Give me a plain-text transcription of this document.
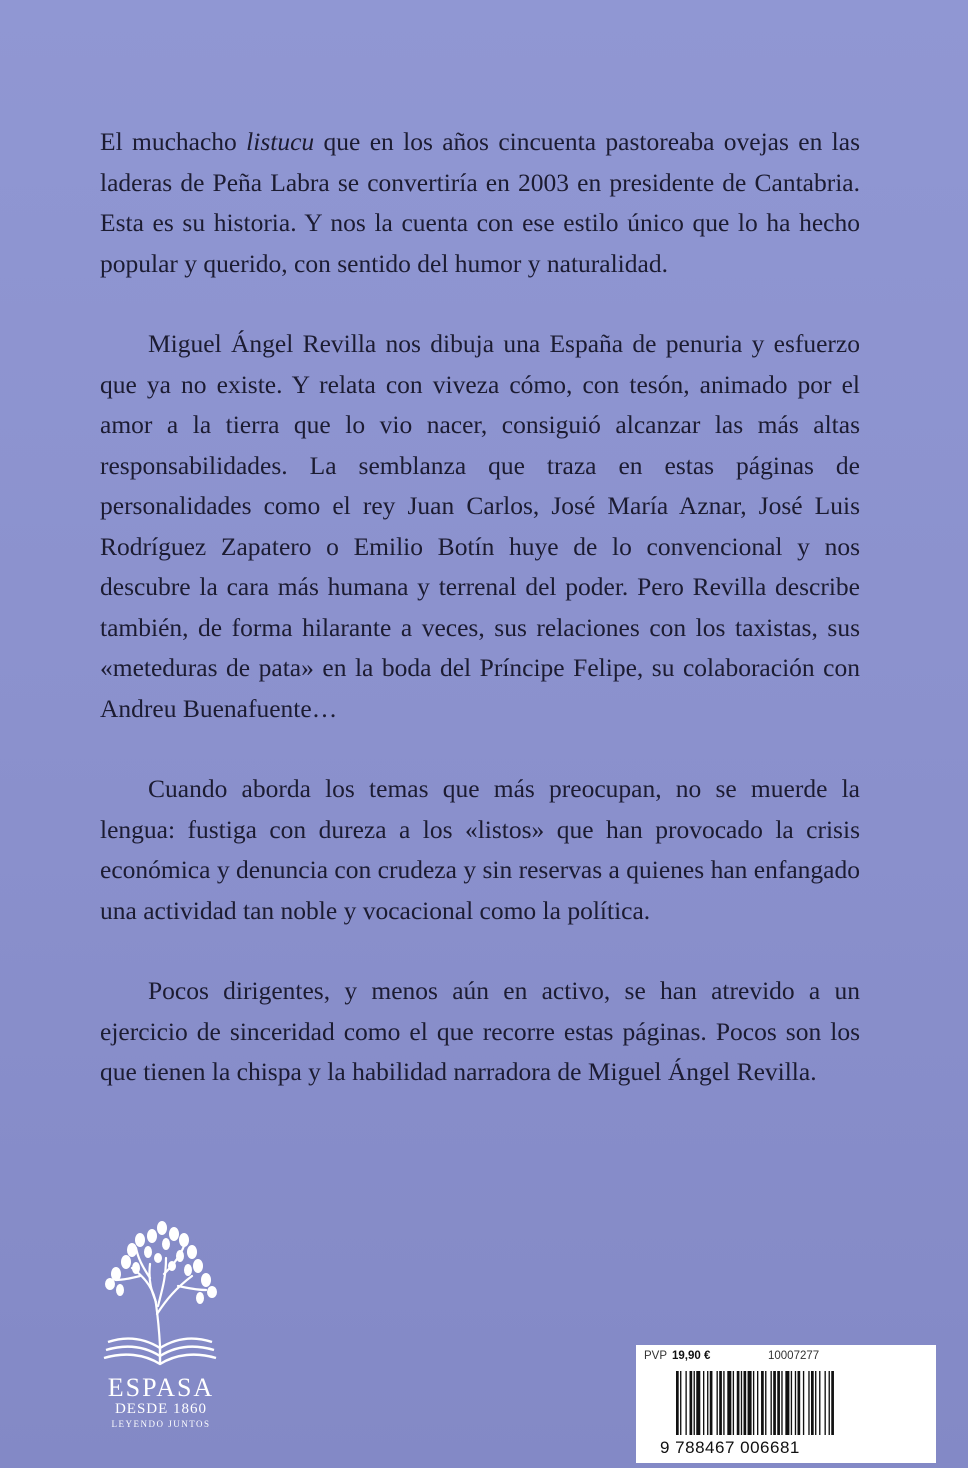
El muchacho listucu que en los años cincuenta pastoreaba ovejas en las laderas de Peña Labra se convertiría en 2003 en presidente de Cantabria. Esta es su historia. Y nos la cuenta con ese estilo único que lo ha hecho popular y querido, con sentido del humor y naturalidad.

Miguel Ángel Revilla nos dibuja una España de penuria y esfuerzo que ya no existe. Y relata con viveza cómo, con tesón, animado por el amor a la tierra que lo vio nacer, consiguió alcanzar las más altas responsabilidades. La semblanza que traza en estas páginas de personalidades como el rey Juan Carlos, José María Aznar, José Luis Rodríguez Zapatero o Emilio Botín huye de lo convencional y nos descubre la cara más humana y terrenal del poder. Pero Revilla describe también, de forma hilarante a veces, sus relaciones con los taxistas, sus «meteduras de pata» en la boda del Príncipe Felipe, su colaboración con Andreu Buenafuente…

Cuando aborda los temas que más preocupan, no se muerde la lengua: fustiga con dureza a los «listos» que han provocado la crisis económica y denuncia con crudeza y sin reservas a quienes han enfangado una actividad tan noble y vocacional como la política.

Pocos dirigentes, y menos aún en activo, se han atrevido a un ejercicio de sinceridad como el que recorre estas páginas. Pocos son los que tienen la chispa y la habilidad narradora de Miguel Ángel Revilla.

ESPASA
DESDE 1860
LEYENDO JUNTOS
PVP 19,90 €	10007277
9 788467 006681
